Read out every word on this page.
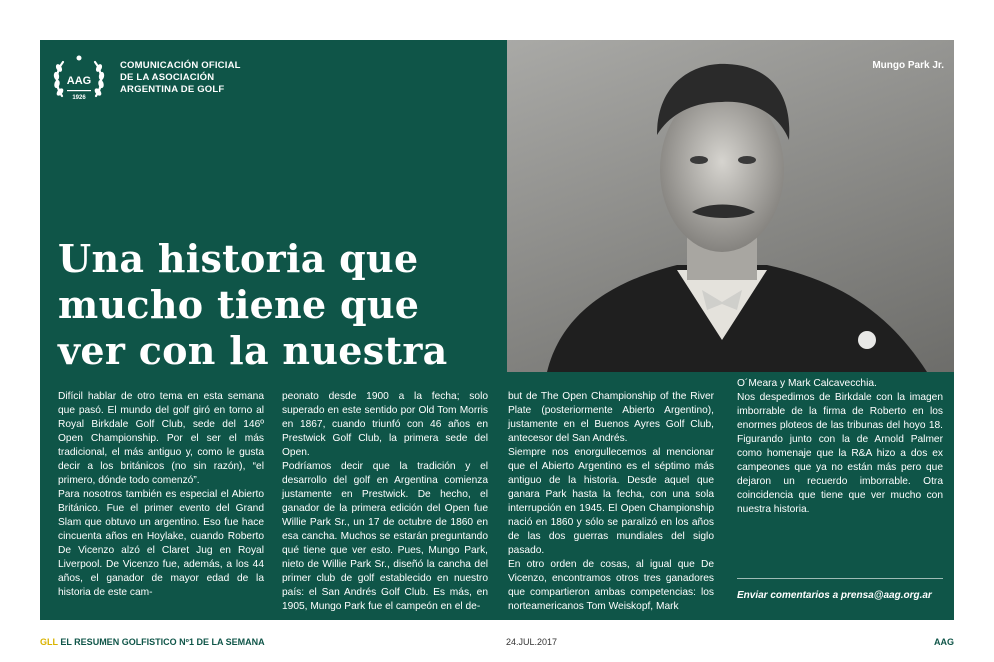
AAG
1926
COMUNICACIÓN OFICIAL
DE LA ASOCIACIÓN
ARGENTINA DE GOLF
Mungo Park Jr.
Una historia que
mucho tiene que
ver con la nuestra

Difícil hablar de otro tema en esta semana que pasó. El mundo del golf giró en torno al Royal Birkdale Golf Club, sede del 146º Open Championship. Por el ser el más tradicional, el más antiguo y, como le gusta decir a los británicos (no sin razón), “el primero, dónde todo comenzó”.

Para nosotros también es especial el Abierto Británico. Fue el primer evento del Grand Slam que obtuvo un argentino. Eso fue hace cincuenta años en Hoylake, cuando Roberto De Vicenzo alzó el Claret Jug en Royal Liverpool. De Vicenzo fue, además, a los 44 años, el ganador de mayor edad de la historia de este cam-

peonato desde 1900 a la fecha; solo superado en este sentido por Old Tom Morris en 1867, cuando triunfó con 46 años en Prestwick Golf Club, la primera sede del Open.

Podríamos decir que la tradición y el desarrollo del golf en Argentina comienza justamente en Prestwick. De hecho, el ganador de la primera edición del Open fue Willie Park Sr., un 17 de octubre de 1860 en esa cancha. Muchos se estarán preguntando qué tiene que ver esto. Pues, Mungo Park, nieto de Willie Park Sr., diseñó la cancha del primer club de golf establecido en nuestro país: el San Andrés Golf Club. Es más, en 1905, Mungo Park fue el campeón en el de-

but de The Open Championship of the River Plate (posteriormente Abierto Argentino), justamente en el Buenos Ayres Golf Club, antecesor del San Andrés.

Siempre nos enorgullecemos al mencionar que el Abierto Argentino es el séptimo más antiguo de la historia. Desde aquel que ganara Park hasta la fecha, con una sola interrupción en 1945. El Open Championship nació en 1860 y sólo se paralizó en los años de las dos guerras mundiales del siglo pasado.

En otro orden de cosas, al igual que De Vicenzo, encontramos otros tres ganadores que compartieron ambas competencias: los norteamericanos Tom Weiskopf, Mark

O´Meara y Mark Calcavecchia.

Nos despedimos de Birkdale con la imagen imborrable de la firma de Roberto en los enormes ploteos de las tribunas del hoyo 18. Figurando junto con la de Arnold Palmer como homenaje que la R&A hizo a dos ex campeones que ya no están más pero que dejaron un recuerdo imborrable. Otra coincidencia que tiene que ver mucho con nuestra historia.

Enviar comentarios a prensa@aag.org.ar
GLL EL RESUMEN GOLFISTICO Nº1 DE LA SEMANA	24.JUL.2017	AAG
